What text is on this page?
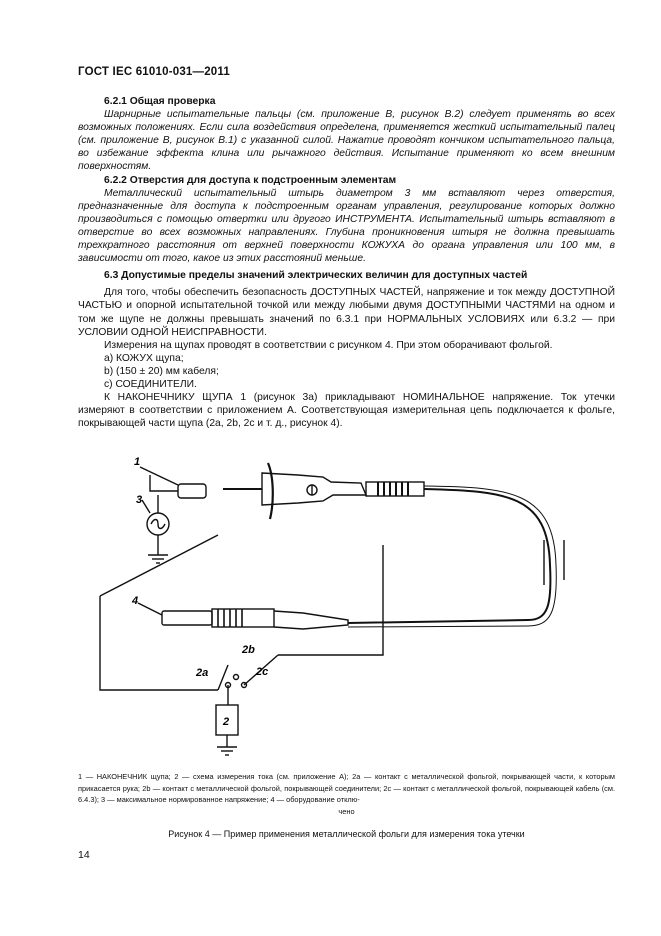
ГОСТ IEC 61010-031—2011

6.2.1 Общая проверка

Шарнирные испытательные пальцы (см. приложение В, рисунок В.2) следует применять во всех возможных положениях. Если сила воздействия определена, применяется жесткий испытательный палец (см. приложение В, рисунок В.1) с указанной силой. Нажатие проводят кончиком испытательного пальца, во избежание эффекта клина или рычажного действия. Испытание применяют ко всем внешним поверхностям.

6.2.2 Отверстия для доступа к подстроенным элементам

Металлический испытательный штырь диаметром 3 мм вставляют через отверстия, предназначенные для доступа к подстроенным органам управления, регулирование которых должно производиться с помощью отвертки или другого ИНСТРУМЕНТА. Испытательный штырь вставляют в отверстие во всех возможных направлениях. Глубина проникновения штыря не должна превышать трехкратного расстояния от верхней поверхности КОЖУХА до органа управления или 100 мм, в зависимости от того, какое из этих расстояний меньше.

6.3 Допустимые пределы значений электрических величин для доступных частей

Для того, чтобы обеспечить безопасность ДОСТУПНЫХ ЧАСТЕЙ, напряжение и ток между ДОСТУПНОЙ ЧАСТЬЮ и опорной испытательной точкой или между любыми двумя ДОСТУПНЫМИ ЧАСТЯМИ на одном и том же щупе не должны превышать значений по 6.3.1 при НОРМАЛЬНЫХ УСЛОВИЯХ или 6.3.2 — при УСЛОВИИ ОДНОЙ НЕИСПРАВНОСТИ.

Измерения на щупах проводят в соответствии с рисунком 4. При этом оборачивают фольгой.

a) КОЖУХ щупа;

b) (150 ± 20) мм кабеля;

c) СОЕДИНИТЕЛИ.

К НАКОНЕЧНИКУ ЩУПА 1 (рисунок 3а) прикладывают НОМИНАЛЬНОЕ напряжение. Ток утечки измеряют в соответствии с приложением А. Соответствующая измерительная цепь подключается к фольге, покрывающей части щупа (2а, 2b, 2c и т. д., рисунок 4).

1
3
4
2
2a
2b
2c
1 — НАКОНЕЧНИК щупа; 2 — схема измерения тока (см. приложение А); 2а — контакт с металлической фольгой, покрывающей части, к которым прикасается рука; 2b — контакт с металлической фольгой, покрывающей соединители; 2c — контакт с металлической фольгой, покрывающей кабель (см. 6.4.3); 3 — максимальное нормированное напряжение; 4 — оборудование отклю-
чено
Рисунок 4 — Пример применения металлической фольги для измерения тока утечки
14
